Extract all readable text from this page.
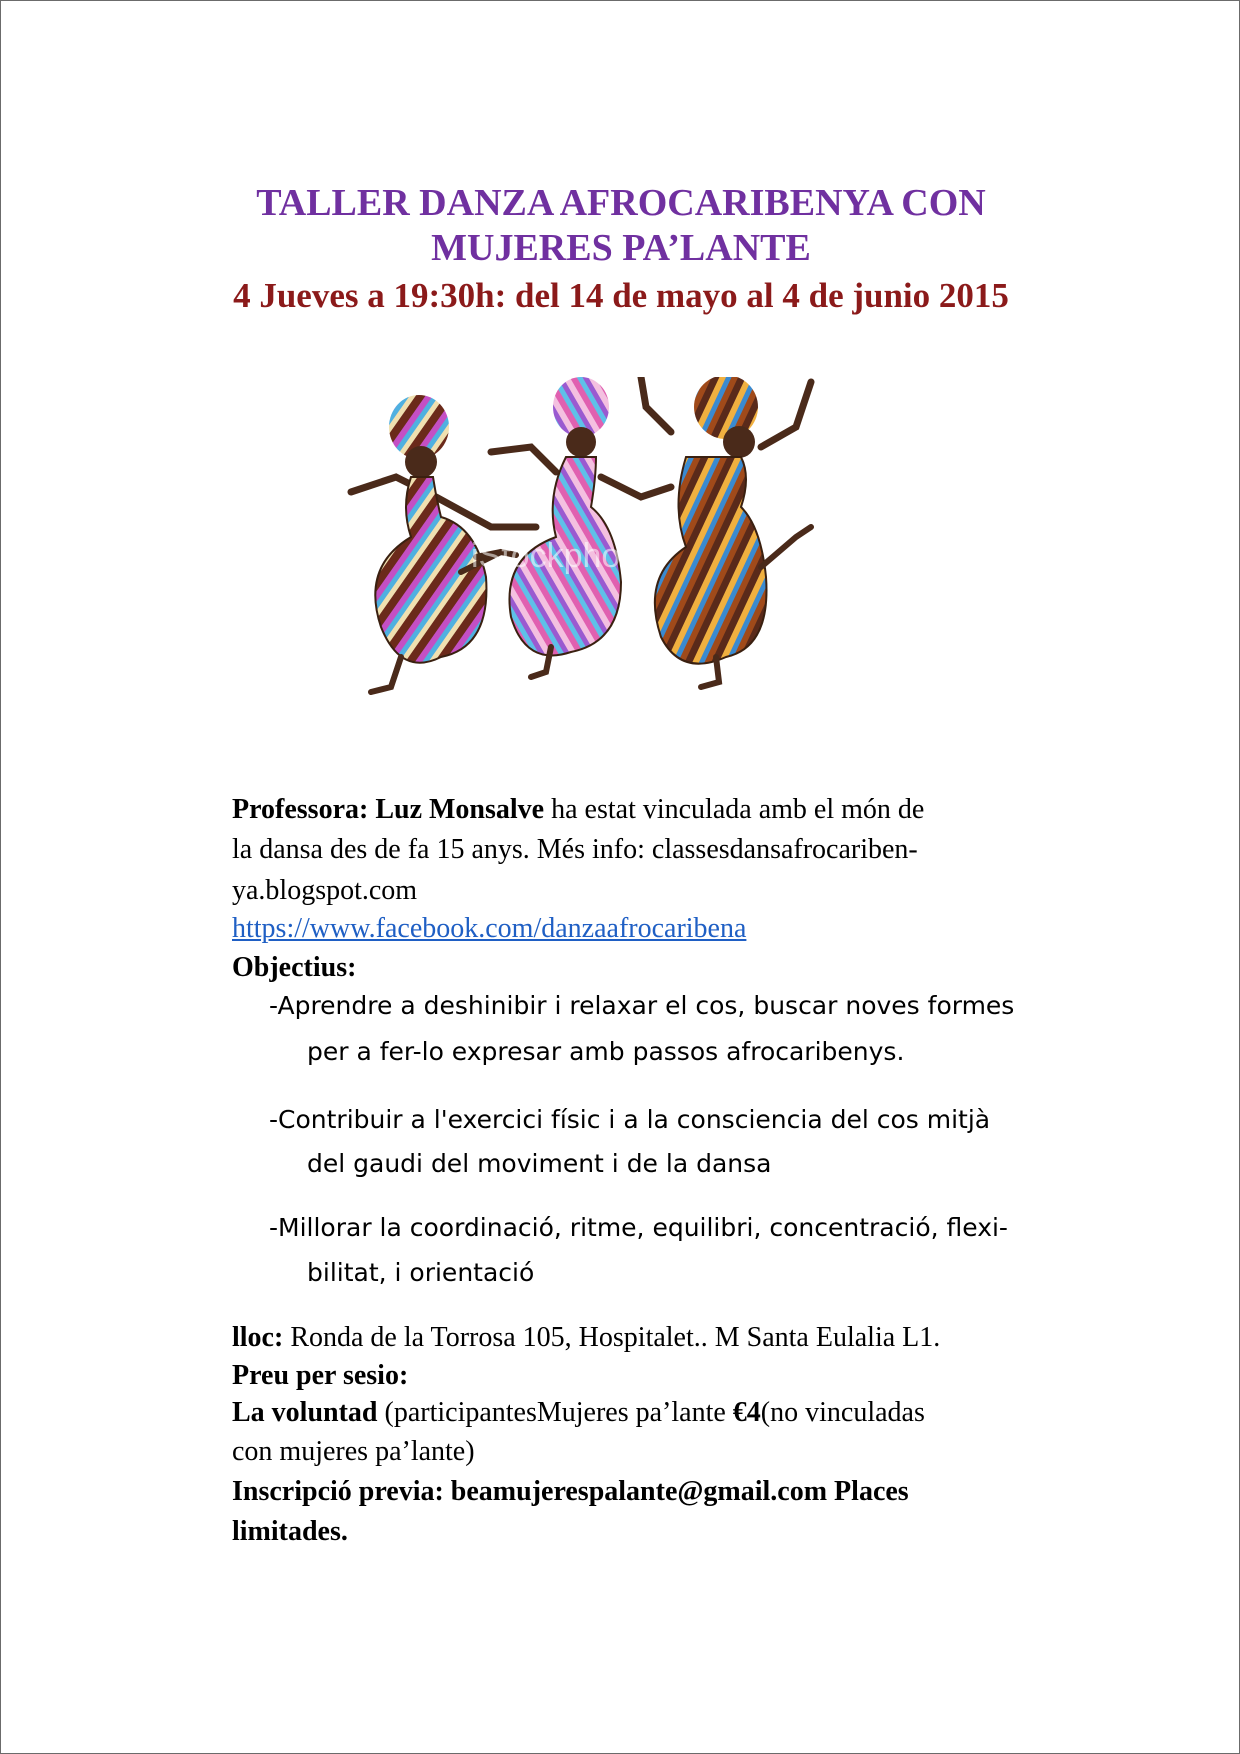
TALLER DANZA AFROCARIBENYA CON
MUJERES PA’LANTE
4 Jueves a 19:30h: del 14 de mayo al 4 de junio 2015
iStockphoto
Professora: Luz Monsalve ha estat vinculada amb el món de
la dansa des de fa 15 anys. Més info: classesdansafrocariben-
ya.blogspot.com
https://www.facebook.com/danzaafrocaribena
Objectius:
-Aprendre a deshinibir i relaxar el cos, buscar noves formes
per a fer-lo expresar amb passos afrocaribenys.
-Contribuir a l'exercici físic i a la consciencia del cos mitjà
del gaudi del moviment i de la dansa
-Millorar la coordinació, ritme, equilibri, concentració, flexi-
bilitat, i orientació
lloc: Ronda de la Torrosa 105, Hospitalet.. M Santa Eulalia L1.
Preu per sesio:
La voluntad (participantesMujeres pa’lante €4(no vinculadas
con mujeres pa’lante)
Inscripció previa: beamujerespalante@gmail.com Places
limitades.
